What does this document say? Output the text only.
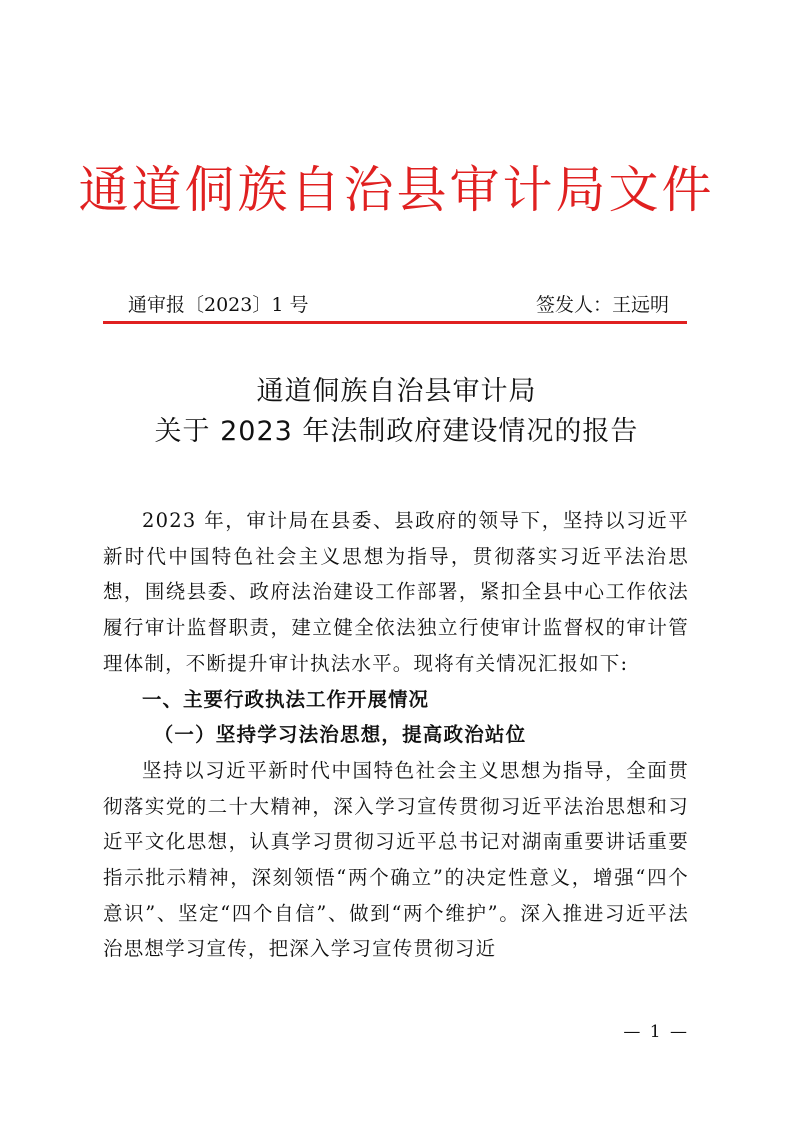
通道侗族自治县审计局文件
通审报〔2023〕1 号	签发人：王远明
通道侗族自治县审计局
关于 2023 年法制政府建设情况的报告

2023 年，审计局在县委、县政府的领导下，坚持以习近平新时代中国特色社会主义思想为指导，贯彻落实习近平法治思想，围绕县委、政府法治建设工作部署，紧扣全县中心工作依法履行审计监督职责，建立健全依法独立行使审计监督权的审计管理体制，不断提升审计执法水平。现将有关情况汇报如下:

一、主要行政执法工作开展情况

（一）坚持学习法治思想，提高政治站位

坚持以习近平新时代中国特色社会主义思想为指导，全面贯彻落实党的二十大精神，深入学习宣传贯彻习近平法治思想和习近平文化思想，认真学习贯彻习近平总书记对湖南重要讲话重要指示批示精神，深刻领悟“两个确立”的决定性意义，增强“四个意识”、坚定“四个自信”、做到“两个维护”。深入推进习近平法治思想学习宣传，把深入学习宣传贯彻习近

— 1 —
